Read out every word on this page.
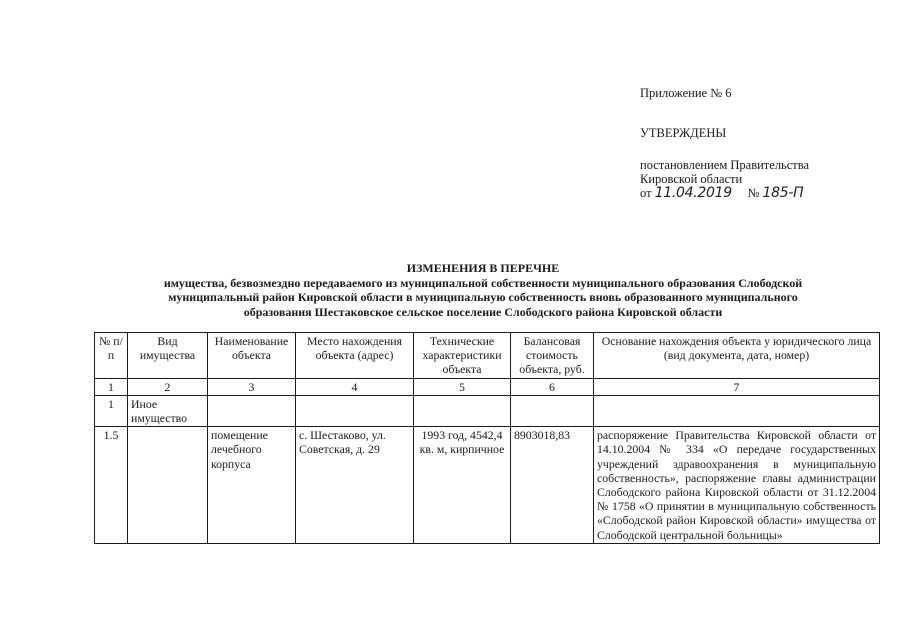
Приложение № 6
УТВЕРЖДЕНЫ
постановлением Правительства
Кировской области
от 11.04.2019 № 185-П
ИЗМЕНЕНИЯ В ПЕРЕЧНЕ
имущества, безвозмездно передаваемого из муниципальной собственности муниципального образования Слободской
муниципальный район Кировской области в муниципальную собственность вновь образованного муниципального
образования Шестаковское сельское поселение Слободского района Кировской области
№ п/п	Вид имущества	Наименование объекта	Место нахождения объекта (адрес)	Технические характеристики объекта	Балансовая стоимость объекта, руб.	Основание нахождения объекта у юридического лица (вид документа, дата, номер)
1	2	3	4	5	6	7
1	Иное имущество					
1.5		помещение лечебного корпуса	с. Шестаково, ул. Советская, д. 29	1993 год, 4542,4 кв. м, кирпичное	8903018,83	распоряжение Правительства Кировской области от 14.10.2004 № 334 «О передаче государственных учреждений здравоохранения в муниципальную собственность», распоряжение главы администрации Слободского района Кировской области от 31.12.2004 № 1758 «О принятии в муниципальную собственность «Слободской район Кировской области» имущества от Слободской центральной больницы»
